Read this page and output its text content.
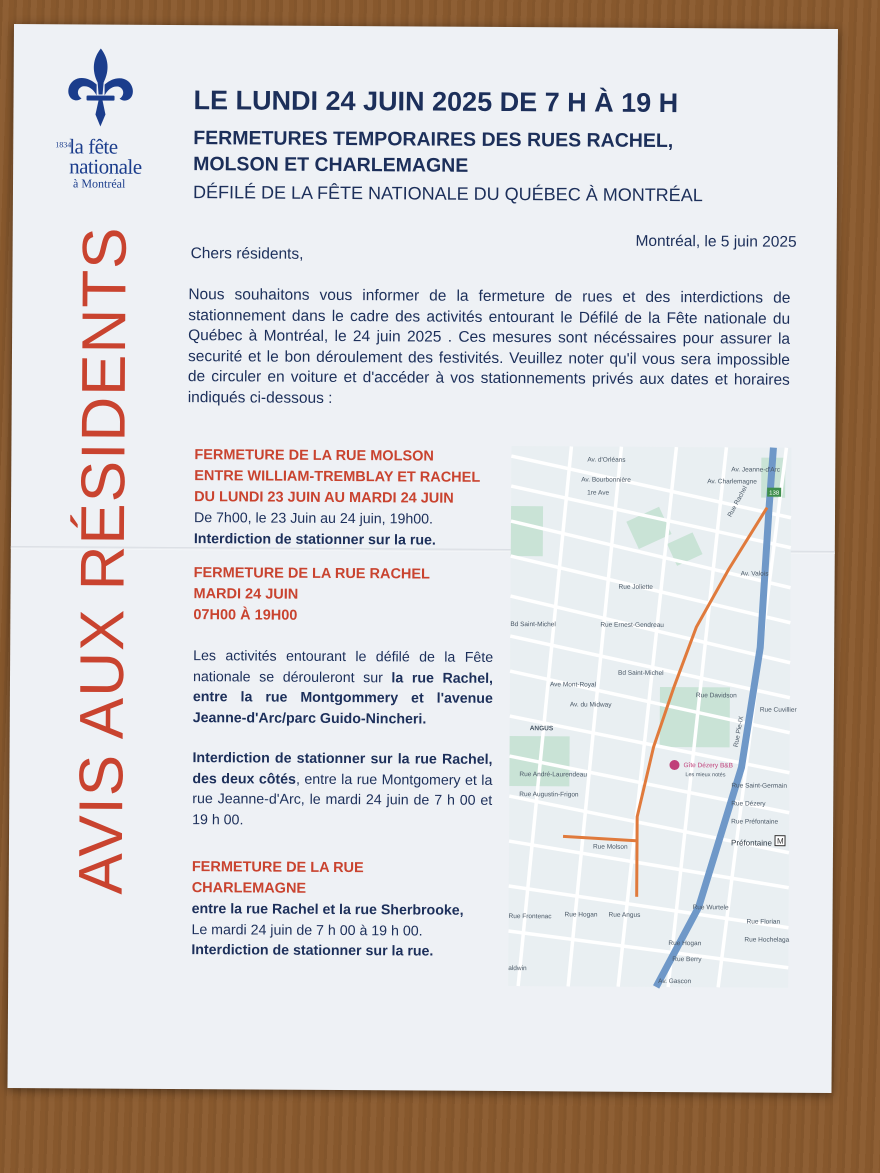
1834
la fête
nationale
à Montréal
LE LUNDI 24 JUIN 2025 DE 7 H À 19 H
FERMETURES TEMPORAIRES DES RUES RACHEL,
MOLSON ET CHARLEMAGNE
DÉFILÉ DE LA FÊTE NATIONALE DU QUÉBEC À MONTRÉAL
AVIS AUX RÉSIDENTS	Montréal, le 5 juin 2025
Chers résidents,

Nous souhaitons vous informer de la fermeture de rues et des interdictions de stationnement dans le cadre des activités entourant le Défilé de la Fête nationale du Québec à Montréal, le 24 juin 2025 . Ces mesures sont nécéssaires pour assurer la securité et le bon déroulement des festivités. Veuillez noter qu'il vous sera impossible de circuler en voiture et d'accéder à vos stationnements privés aux dates et horaires indiqués ci-dessous :

FERMETURE DE LA RUE MOLSON

ENTRE WILLIAM-TREMBLAY ET RACHEL

DU LUNDI 23 JUIN AU MARDI 24 JUIN

De 7h00, le 23 Juin au 24 juin, 19h00.

Interdiction de stationner sur la rue.

FERMETURE DE LA RUE RACHEL

MARDI 24 JUIN

07H00 À 19H00

Les activités entourant le défilé de la Fête nationale se dérouleront sur la rue Rachel, entre la rue Montgommery et l'avenue Jeanne-d'Arc/parc Guido-Nincheri.

Interdiction de stationner sur la rue Rachel, des deux côtés, entre la rue Montgomery et la rue Jeanne-d'Arc, le mardi 24 juin de 7 h 00 et 19 h 00.

FERMETURE DE LA RUE

CHARLEMAGNE

entre la rue Rachel et la rue Sherbrooke,

Le mardi 24 juin de 7 h 00 à 19 h 00.

Interdiction de stationner sur la rue.

138
M
Av. d'Orléans
Av. Bourbonnière
1re Ave
Av. Jeanne-d'Arc
Av. Charlemagne
Rue Joliette
Av. Valois
Bd Saint-Michel
Bd Saint-Michel
Rue Ernest-Gendreau
Ave Mont-Royal
Av. du Midway
ANGUS
Rue Davidson
Rue Cuvillier
Gîte Dézery B&B
Les mieux notés
Rue André-Laurendeau
Rue Augustin-Frigon
Rue Saint-Germain
Rue Dézery
Rue Préfontaine
Préfontaine
Rue Molson
Rue Frontenac Rue Hogan Rue Angus
Rue Wurtele
Rue Florian
Rue Hogan	Rue Hochelaga
Rue Berry
Av. Gascon
aldwin
Rue Rachel
Rue Pie-IX
